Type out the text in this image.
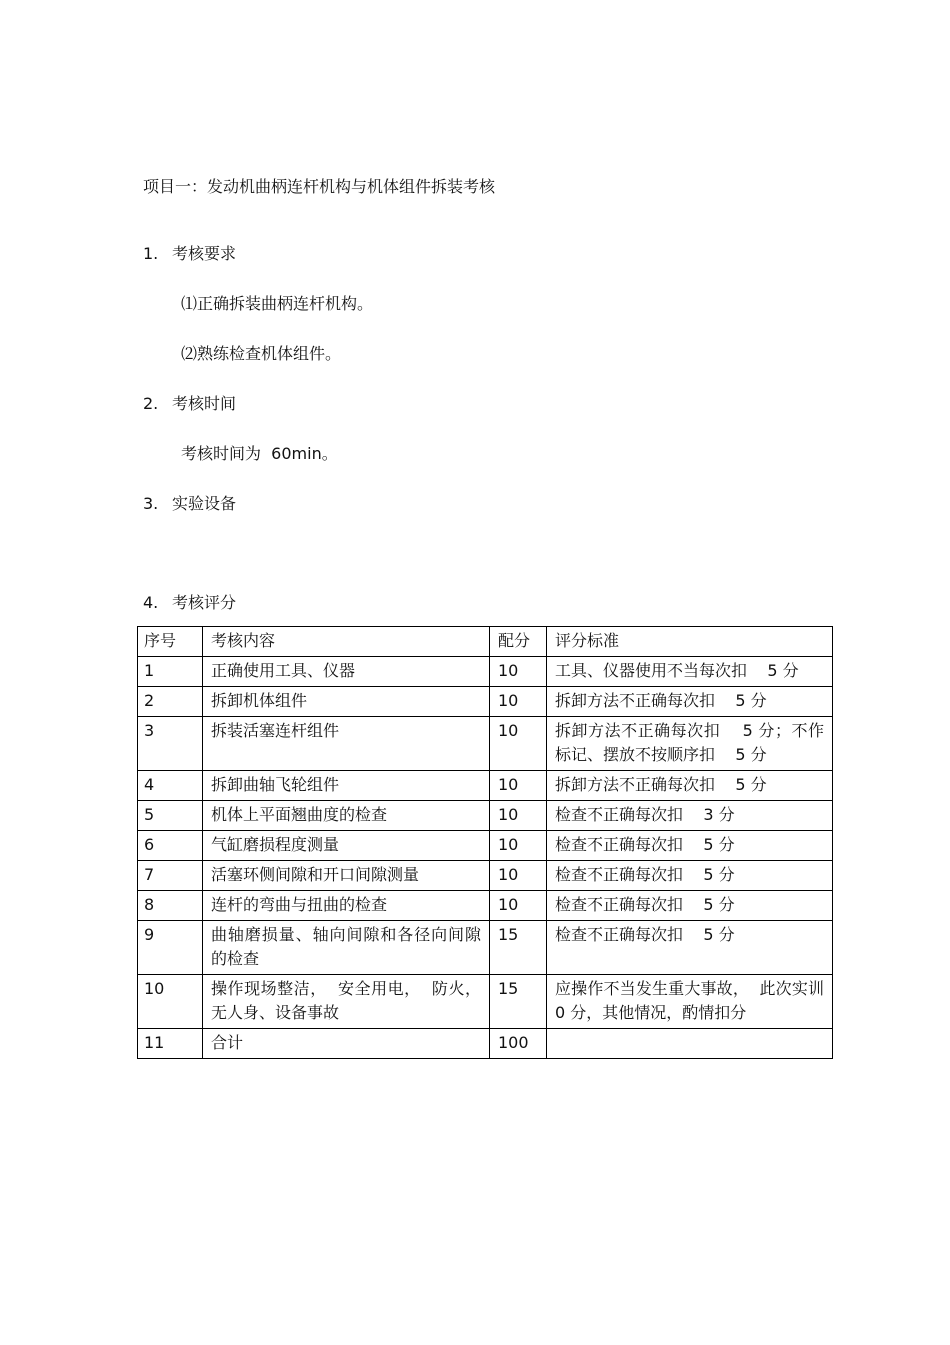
项目一：发动机曲柄连杆机构与机体组件拆装考核
1. 考核要求
⑴正确拆装曲柄连杆机构。
⑵熟练检查机体组件。
2. 考核时间
考核时间为  60min。
3. 实验设备
4. 考核评分
序号	考核内容	配分	评分标准

1	正确使用工具、仪器	10	工具、仪器使用不当每次扣    5 分

2	拆卸机体组件	10	拆卸方法不正确每次扣    5 分

3	拆装活塞连杆组件	10	拆卸方法不正确每次扣    5 分；不作标记、摆放不按顺序扣    5 分

4	拆卸曲轴飞轮组件	10	拆卸方法不正确每次扣    5 分

5	机体上平面翘曲度的检查	10	检查不正确每次扣    3 分

6	气缸磨损程度测量	10	检查不正确每次扣    5 分

7	活塞环侧间隙和开口间隙测量	10	检查不正确每次扣    5 分

8	连杆的弯曲与扭曲的检查	10	检查不正确每次扣    5 分

9	曲轴磨损量、轴向间隙和各径向间隙的检查	15	检查不正确每次扣    5 分

10	操作现场整洁，  安全用电，  防火，无人身、设备事故	15	应操作不当发生重大事故，  此次实训 0 分，其他情况，酌情扣分

11	合计	100	
